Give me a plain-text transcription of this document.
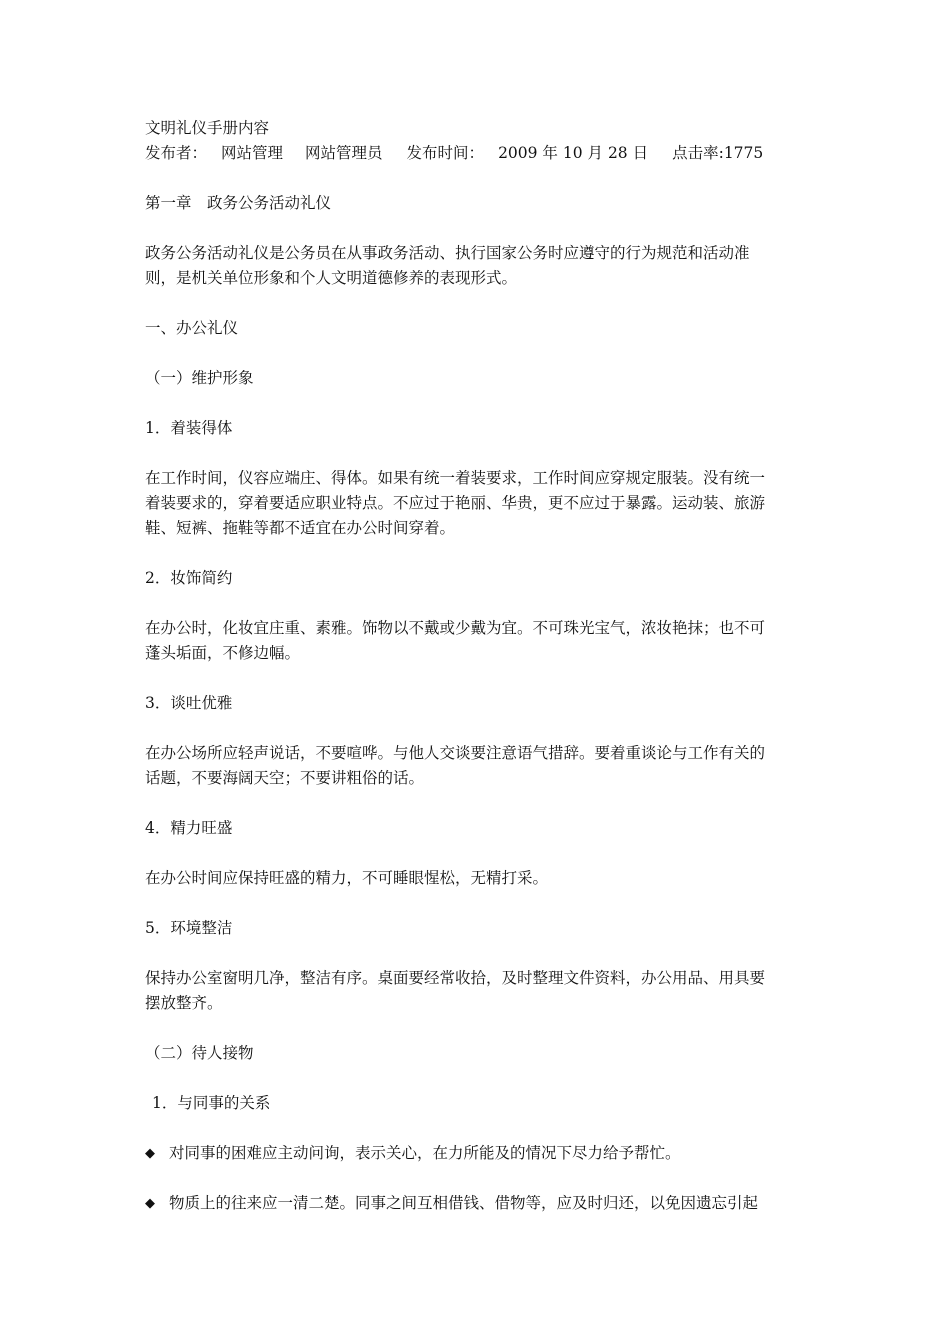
文明礼仪手册内容
发布者： 网站管理 网站管理员 发布时间： 2009 年 10 月 28 日 点击率:1775
第一章　政务公务活动礼仪
政务公务活动礼仪是公务员在从事政务活动、执行国家公务时应遵守的行为规范和活动准
则，是机关单位形象和个人文明道德修养的表现形式。
一、办公礼仪
（一）维护形象
1．着装得体
在工作时间，仪容应端庄、得体。如果有统一着装要求，工作时间应穿规定服装。没有统一
着装要求的，穿着要适应职业特点。不应过于艳丽、华贵，更不应过于暴露。运动装、旅游
鞋、短裤、拖鞋等都不适宜在办公时间穿着。
2．妆饰简约
在办公时，化妆宜庄重、素雅。饰物以不戴或少戴为宜。不可珠光宝气，浓妆艳抹；也不可
蓬头垢面，不修边幅。
3．谈吐优雅
在办公场所应轻声说话，不要喧哗。与他人交谈要注意语气措辞。要着重谈论与工作有关的
话题，不要海阔天空；不要讲粗俗的话。
4．精力旺盛
在办公时间应保持旺盛的精力，不可睡眼惺松，无精打采。
5．环境整洁
保持办公室窗明几净，整洁有序。桌面要经常收拾，及时整理文件资料，办公用品、用具要
摆放整齐。
（二）待人接物
1．与同事的关系
◆ 对同事的困难应主动问询，表示关心，在力所能及的情况下尽力给予帮忙。
◆ 物质上的往来应一清二楚。同事之间互相借钱、借物等，应及时归还，以免因遗忘引起
